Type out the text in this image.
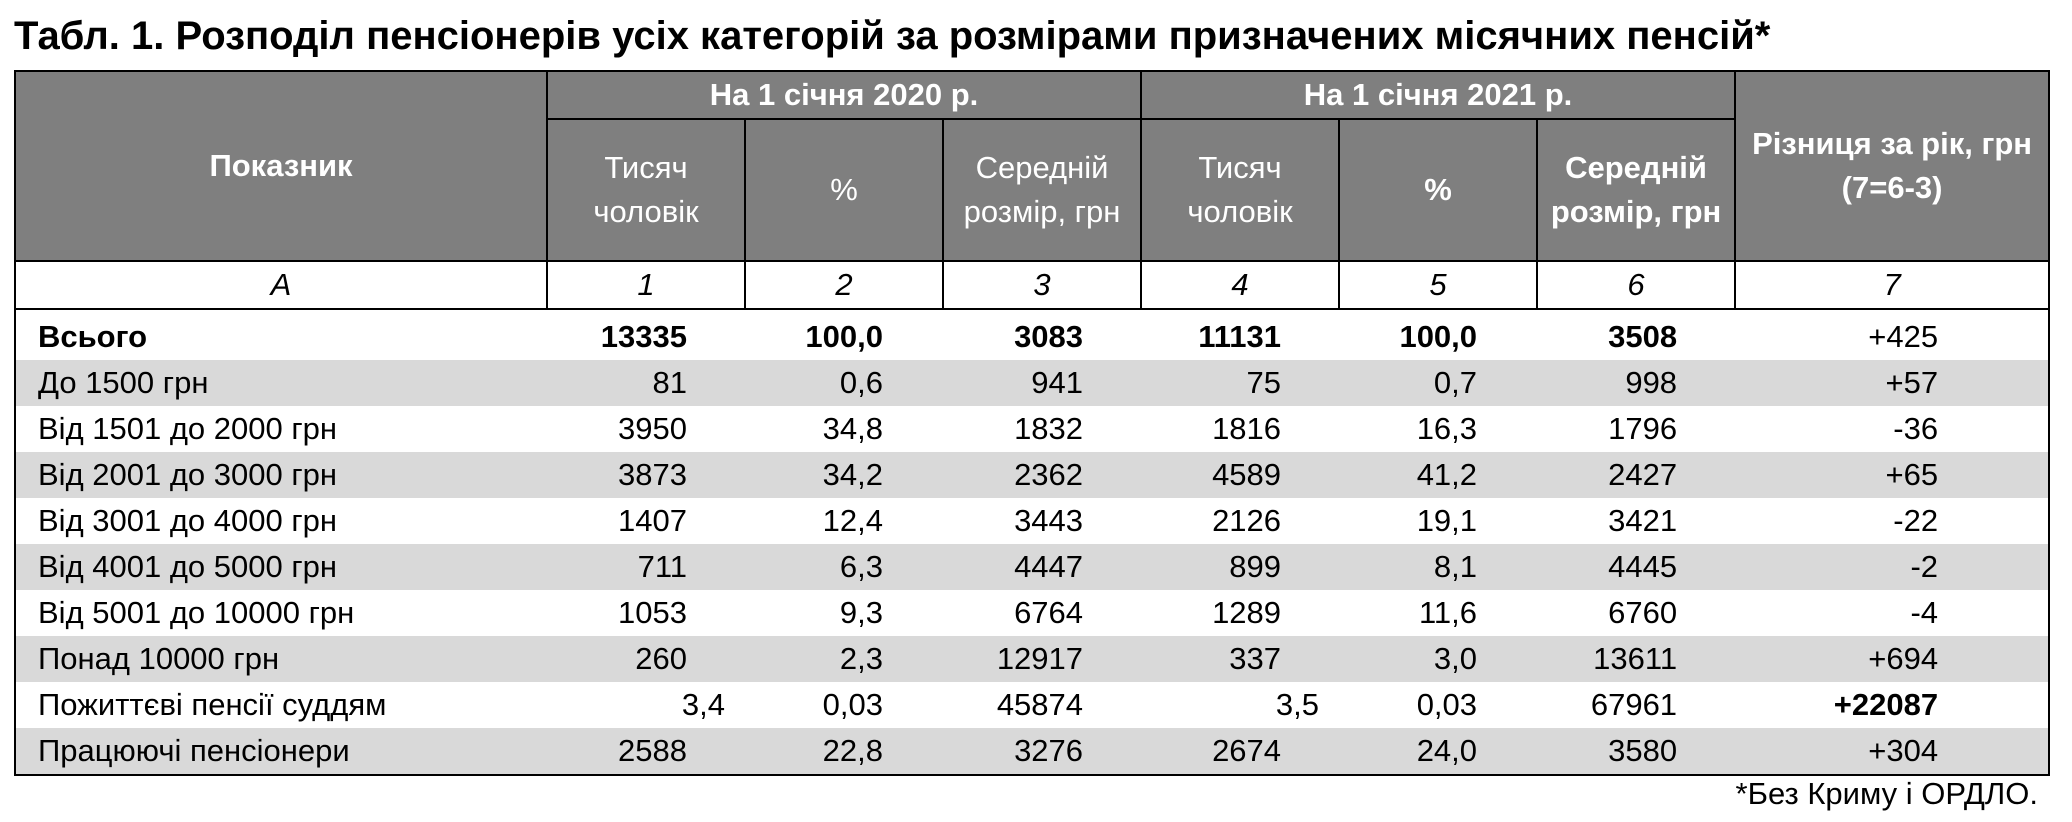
Табл. 1. Розподіл пенсіонерів усіх категорій за розмірами призначених місячних пенсій*
Показник	На 1 січня 2020 р.			На 1 січня 2021 р.			Різниця за рік, грн (7=6-3)
	Тисяч чоловік	%	Середній розмір, грн	Тисяч чоловік	%	Середній розмір, грн	
А	1	2	3	4	5	6	7
Всього	13335	100,0	3083	11131	100,0	3508	+425
До 1500 грн	81	0,6	941	75	0,7	998	+57
Від 1501 до 2000 грн	3950	34,8	1832	1816	16,3	1796	-36
Від 2001 до 3000 грн	3873	34,2	2362	4589	41,2	2427	+65
Від 3001 до 4000 грн	1407	12,4	3443	2126	19,1	3421	-22
Від 4001 до 5000 грн	711	6,3	4447	899	8,1	4445	-2
Від 5001 до 10000 грн	1053	9,3	6764	1289	11,6	6760	-4
Понад 10000 грн	260	2,3	12917	337	3,0	13611	+694
Пожиттєві пенсії суддям	3,4	0,03	45874	3,5	0,03	67961	+22087
Працюючі пенсіонери	2588	22,8	3276	2674	24,0	3580	+304
*Без Криму і ОРДЛО.
